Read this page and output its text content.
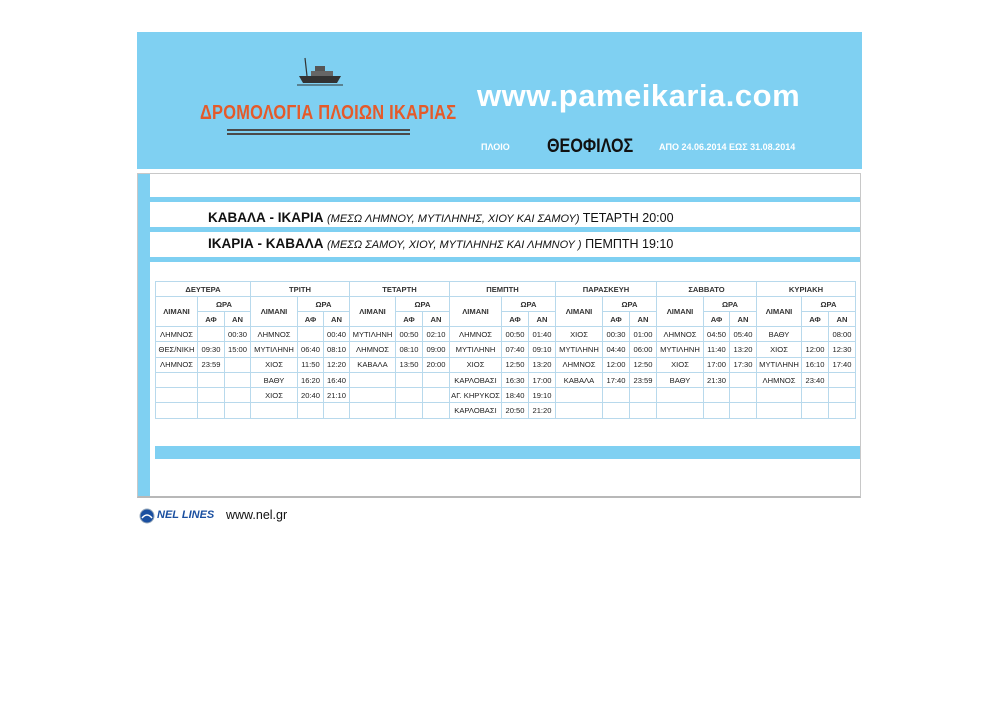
ΔΡΟΜΟΛΟΓΙΑ ΠΛΟΙΩΝ ΙΚΑΡΙΑΣ www.pameikaria.com
ΠΛΟΙΟ ΘΕΟΦΙΛΟΣ	ΑΠΟ 24.06.2014 ΕΩΣ 31.08.2014
ΚΑΒΑΛΑ - ΙΚΑΡΙΑ (ΜΕΣΩ ΛΗΜΝΟΥ, ΜΥΤΙΛΗΝΗΣ, ΧΙΟΥ ΚΑΙ ΣΑΜΟΥ) ΤΕΤΑΡΤΗ 20:00
ΙΚΑΡΙΑ - ΚΑΒΑΛΑ (ΜΕΣΩ ΣΑΜΟΥ, ΧΙΟΥ, ΜΥΤΙΛΗΝΗΣ ΚΑΙ ΛΗΜΝΟΥ ) ΠΕΜΠΤΗ 19:10
ΔΕΥΤΕΡΑ			ΤΡΙΤΗ			ΤΕΤΑΡΤΗ			ΠΕΜΠΤΗ			ΠΑΡΑΣΚΕΥΗ			ΣΑΒΒΑΤΟ			ΚΥΡΙΑΚΗ		
ΛΙΜΑΝΙ	ΩΡΑ		ΛΙΜΑΝΙ	ΩΡΑ		ΛΙΜΑΝΙ	ΩΡΑ		ΛΙΜΑΝΙ	ΩΡΑ		ΛΙΜΑΝΙ	ΩΡΑ		ΛΙΜΑΝΙ	ΩΡΑ		ΛΙΜΑΝΙ	ΩΡΑ	
	ΑΦ	ΑΝ		ΑΦ	ΑΝ		ΑΦ	ΑΝ		ΑΦ	ΑΝ		ΑΦ	ΑΝ		ΑΦ	ΑΝ		ΑΦ	ΑΝ
ΛΗΜΝΟΣ		00:30	ΛΗΜΝΟΣ		00:40	ΜΥΤΙΛΗΝΗ	00:50	02:10	ΛΗΜΝΟΣ	00:50	01:40	ΧΙΟΣ	00:30	01:00	ΛΗΜΝΟΣ	04:50	05:40	ΒΑΘΥ		08:00
ΘΕΣ/ΝΙΚΗ	09:30	15:00	ΜΥΤΙΛΗΝΗ	06:40	08:10	ΛΗΜΝΟΣ	08:10	09:00	ΜΥΤΙΛΗΝΗ	07:40	09:10	ΜΥΤΙΛΗΝΗ	04:40	06:00	ΜΥΤΙΛΗΝΗ	11:40	13:20	ΧΙΟΣ	12:00	12:30
ΛΗΜΝΟΣ	23:59		ΧΙΟΣ	11:50	12:20	ΚΑΒΑΛΑ	13:50	20:00	ΧΙΟΣ	12:50	13:20	ΛΗΜΝΟΣ	12:00	12:50	ΧΙΟΣ	17:00	17:30	ΜΥΤΙΛΗΝΗ	16:10	17:40
			ΒΑΘΥ	16:20	16:40				ΚΑΡΛΟΒΑΣΙ	16:30	17:00	ΚΑΒΑΛΑ	17:40	23:59	ΒΑΘΥ	21:30		ΛΗΜΝΟΣ	23:40	
			ΧΙΟΣ	20:40	21:10				ΑΓ. ΚΗΡΥΚΟΣ	18:40	19:10									
									ΚΑΡΛΟΒΑΣΙ	20:50	21:20									
NEL LINES www.nel.gr
